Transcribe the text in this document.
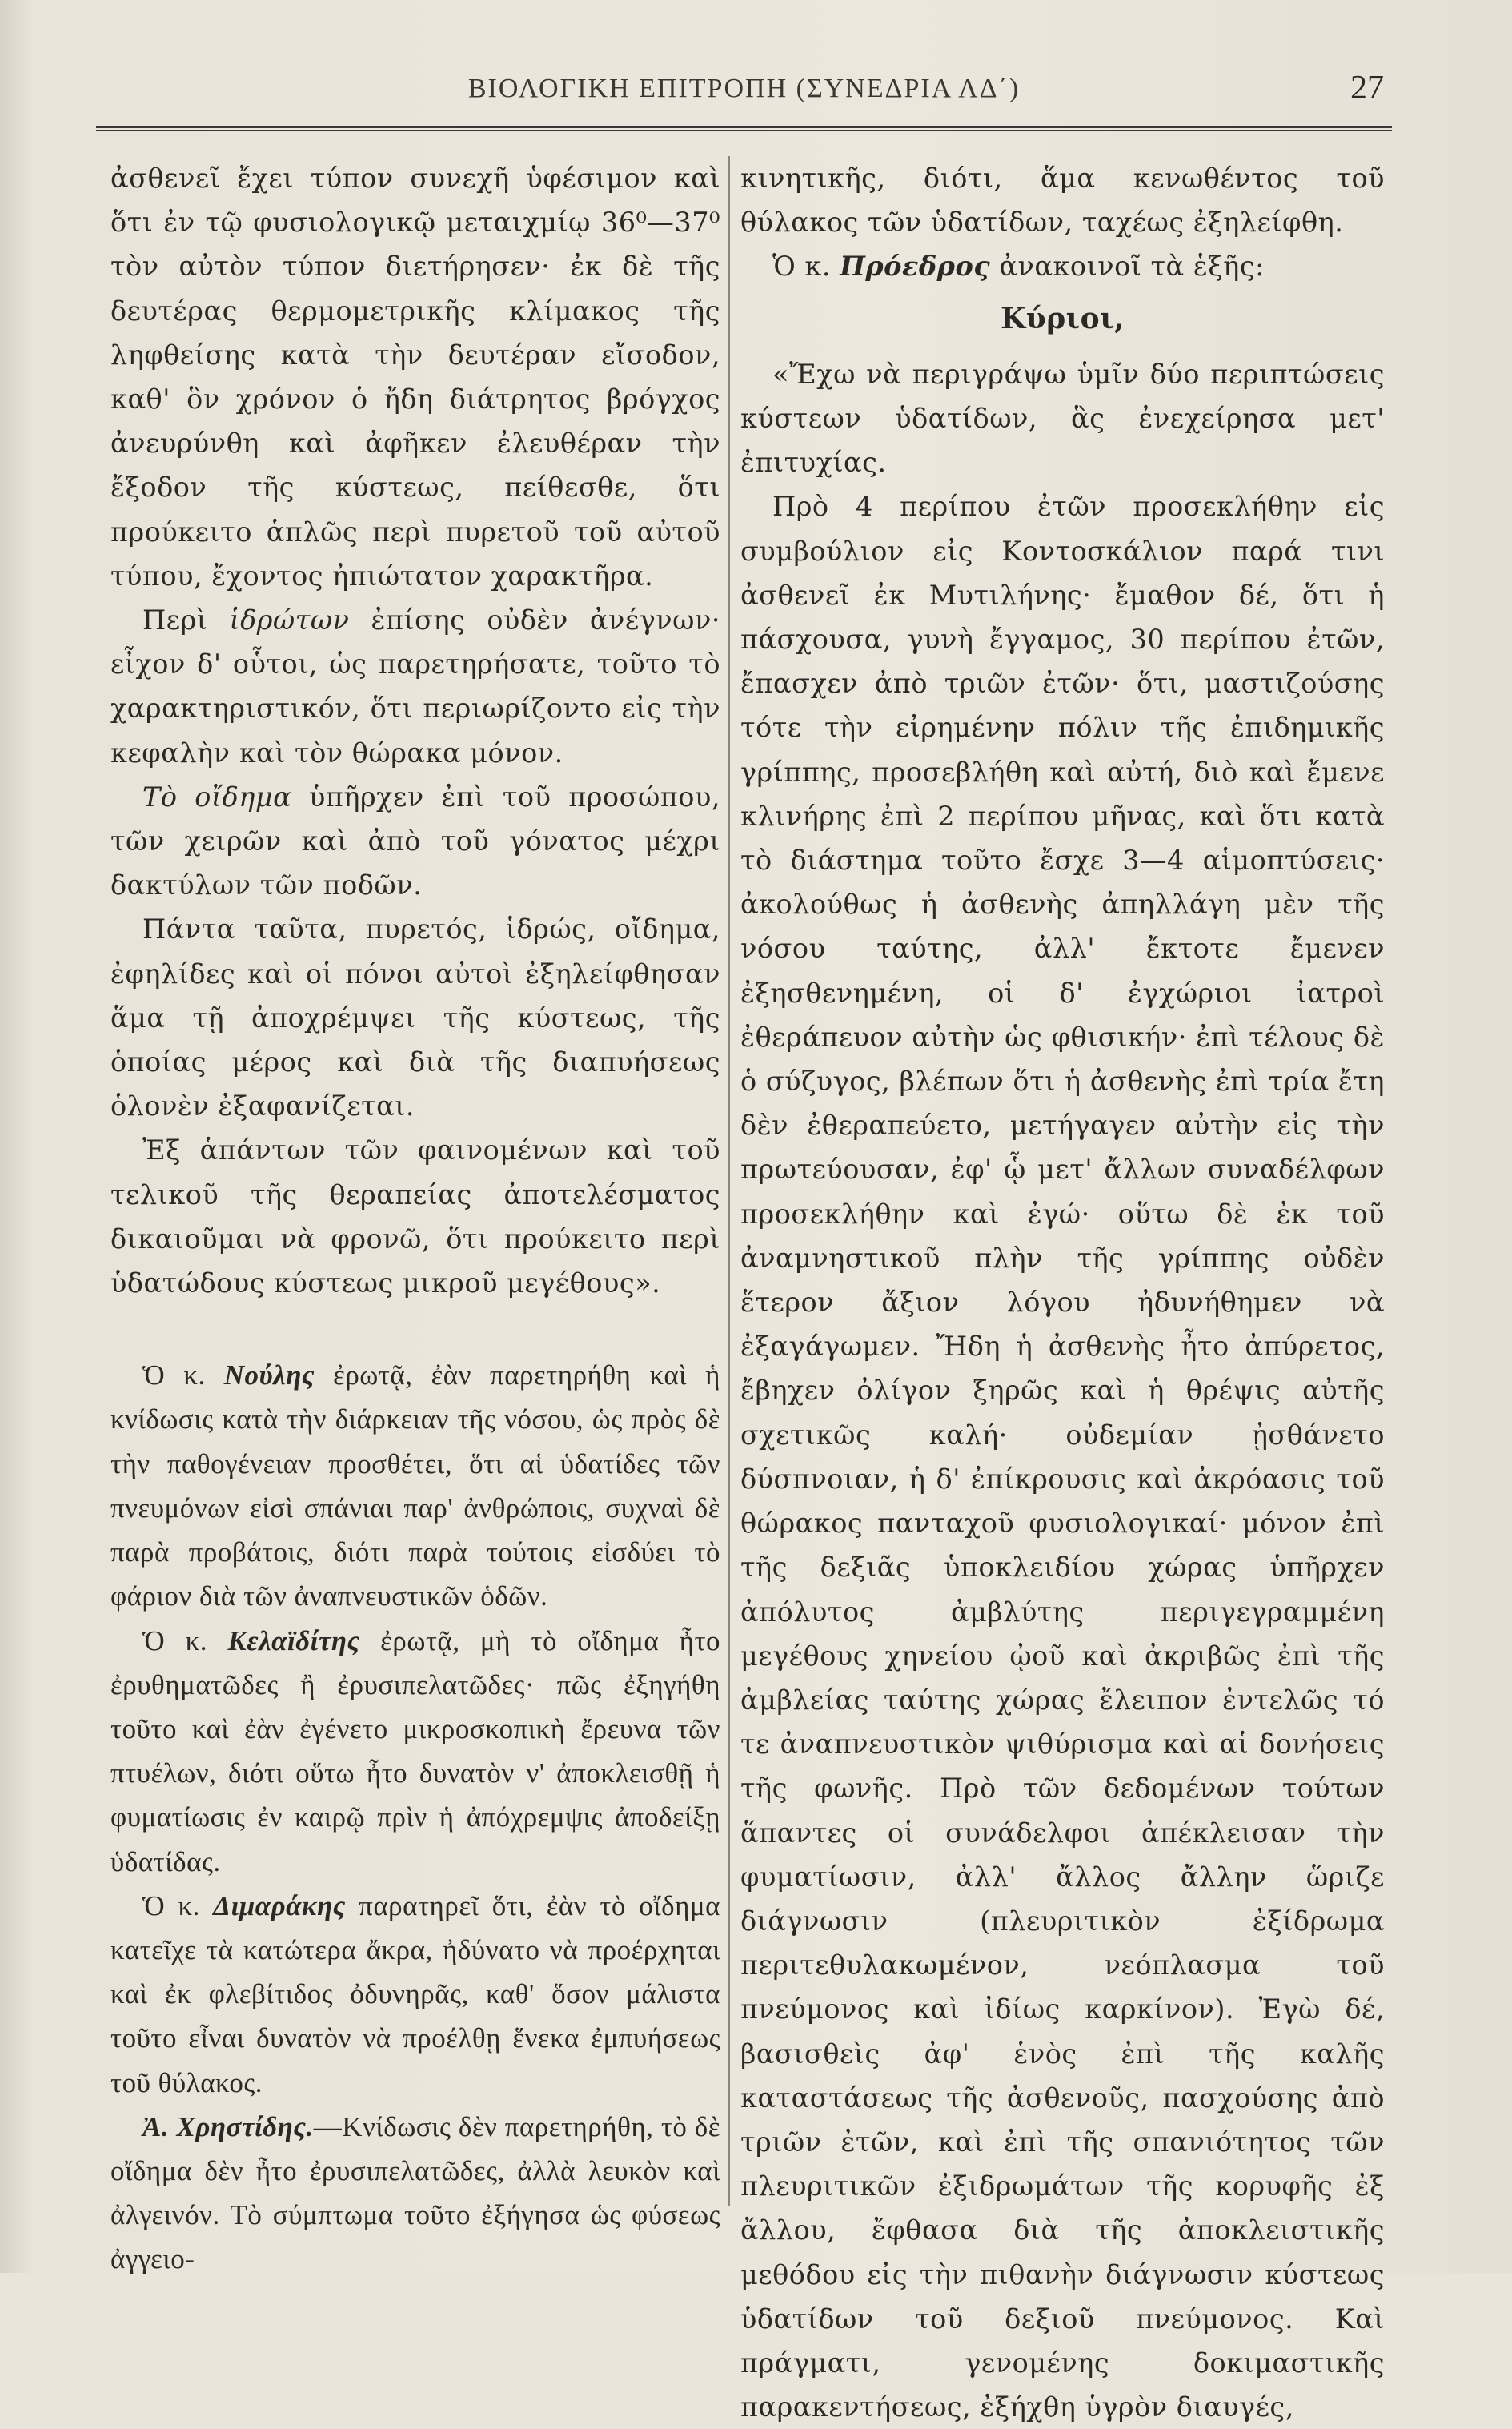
ΒΙΟΛΟΓΙΚΗ ΕΠΙΤΡΟΠΗ (ΣΥΝΕΔΡΙΑ ΛΔ΄)	27

ἀσθενεῖ ἔχει τύπον συνεχῆ ὑφέσιμον καὶ ὅτι ἐν τῷ φυσιολογικῷ μεταιχμίῳ 36⁰—37⁰ τὸν αὐτὸν τύπον διετήρησεν· ἐκ δὲ τῆς δευτέρας θερμομετρικῆς κλίμακος τῆς ληφθείσης κατὰ τὴν δευτέραν εἴσοδον, καθ' ὃν χρόνον ὁ ἤδη διάτρητος βρόγχος ἀνευρύνθη καὶ ἀφῆκεν ἐλευθέραν τὴν ἔξοδον τῆς κύστεως, πείθεσθε, ὅτι προύκειτο ἁπλῶς περὶ πυρετοῦ τοῦ αὐτοῦ τύπου, ἔχοντος ἠπιώτατον χαρακτῆρα.

Περὶ ἱδρώτων ἐπίσης οὐδὲν ἀνέγνων· εἶχον δ' οὗτοι, ὡς παρετηρήσατε, τοῦτο τὸ χαρακτηριστικόν, ὅτι περιωρίζοντο εἰς τὴν κεφαλὴν καὶ τὸν θώρακα μόνον.

Τὸ οἴδημα ὑπῆρχεν ἐπὶ τοῦ προσώπου, τῶν χειρῶν καὶ ἀπὸ τοῦ γόνατος μέχρι δακτύλων τῶν ποδῶν.

Πάντα ταῦτα, πυρετός, ἱδρώς, οἴδημα, ἐφηλίδες καὶ οἱ πόνοι αὐτοὶ ἐξηλείφθησαν ἅμα τῇ ἀποχρέμψει τῆς κύστεως, τῆς ὁποίας μέρος καὶ διὰ τῆς διαπυήσεως ὁλονὲν ἐξαφανίζεται.

Ἐξ ἁπάντων τῶν φαινομένων καὶ τοῦ τελικοῦ τῆς θεραπείας ἀποτελέσματος δικαιοῦμαι νὰ φρονῶ, ὅτι προύκειτο περὶ ὑδατώδους κύστεως μικροῦ μεγέθους».

Ὁ κ. Νούλης ἐρωτᾷ, ἐὰν παρετηρήθη καὶ ἡ κνίδωσις κατὰ τὴν διάρκειαν τῆς νόσου, ὡς πρὸς δὲ τὴν παθογένειαν προσθέτει, ὅτι αἱ ὑδατίδες τῶν πνευμόνων εἰσὶ σπάνιαι παρ' ἀνθρώποις, συχναὶ δὲ παρὰ προβάτοις, διότι παρὰ τούτοις εἰσδύει τὸ φάριον διὰ τῶν ἀναπνευστικῶν ὁδῶν.

Ὁ κ. Κελαϊδίτης ἐρωτᾷ, μὴ τὸ οἴδημα ἦτο ἐρυθηματῶδες ἢ ἐρυσιπελατῶδες· πῶς ἐξηγήθη τοῦτο καὶ ἐὰν ἐγένετο μικροσκοπικὴ ἔρευνα τῶν πτυέλων, διότι οὕτω ἦτο δυνατὸν ν' ἀποκλεισθῇ ἡ φυματίωσις ἐν καιρῷ πρὶν ἡ ἀπόχρεμψις ἀποδείξῃ ὑδατίδας.

Ὁ κ. Διμαράκης παρατηρεῖ ὅτι, ἐὰν τὸ οἴδημα κατεῖχε τὰ κατώτερα ἄκρα, ἠδύνατο νὰ προέρχηται καὶ ἐκ φλεβίτιδος ὀδυνηρᾶς, καθ' ὅσον μάλιστα τοῦτο εἶναι δυνατὸν νὰ προέλθῃ ἕνεκα ἐμπυήσεως τοῦ θύλακος.

Ἀ. Χρηστίδης.—Κνίδωσις δὲν παρετηρήθη, τὸ δὲ οἴδημα δὲν ἦτο ἐρυσιπελατῶδες, ἀλλὰ λευκὸν καὶ ἀλγεινόν. Τὸ σύμπτωμα τοῦτο ἐξήγησα ὡς φύσεως ἀγγειο-

κινητικῆς, διότι, ἅμα κενωθέντος τοῦ θύλακος τῶν ὑδατίδων, ταχέως ἐξηλείφθη.

Ὁ κ. Πρόεδρος ἀνακοινοῖ τὰ ἑξῆς:

Κύριοι,

«Ἔχω νὰ περιγράψω ὑμῖν δύο περιπτώσεις κύστεων ὑδατίδων, ἃς ἐνεχείρησα μετ' ἐπιτυχίας.

Πρὸ 4 περίπου ἐτῶν προσεκλήθην εἰς συμβούλιον εἰς Κοντοσκάλιον παρά τινι ἀσθενεῖ ἐκ Μυτιλήνης· ἔμαθον δέ, ὅτι ἡ πάσχουσα, γυνὴ ἔγγαμος, 30 περίπου ἐτῶν, ἔπασχεν ἀπὸ τριῶν ἐτῶν· ὅτι, μαστιζούσης τότε τὴν εἰρημένην πόλιν τῆς ἐπιδημικῆς γρίππης, προσεβλήθη καὶ αὐτή, διὸ καὶ ἔμενε κλινήρης ἐπὶ 2 περίπου μῆνας, καὶ ὅτι κατὰ τὸ διάστημα τοῦτο ἔσχε 3—4 αἱμοπτύσεις· ἀκολούθως ἡ ἀσθενὴς ἀπηλλάγη μὲν τῆς νόσου ταύτης, ἀλλ' ἔκτοτε ἔμενεν ἐξησθενημένη, οἱ δ' ἐγχώριοι ἰατροὶ ἐθεράπευον αὐτὴν ὡς φθισικήν· ἐπὶ τέλους δὲ ὁ σύζυγος, βλέπων ὅτι ἡ ἀσθενὴς ἐπὶ τρία ἔτη δὲν ἐθεραπεύετο, μετήγαγεν αὐτὴν εἰς τὴν πρωτεύουσαν, ἐφ' ᾧ μετ' ἄλλων συναδέλφων προσεκλήθην καὶ ἐγώ· οὕτω δὲ ἐκ τοῦ ἀναμνηστικοῦ πλὴν τῆς γρίππης οὐδὲν ἕτερον ἄξιον λόγου ἠδυνήθημεν νὰ ἐξαγάγωμεν. Ἤδη ἡ ἀσθενὴς ἦτο ἀπύρετος, ἔβηχεν ὀλίγον ξηρῶς καὶ ἡ θρέψις αὐτῆς σχετικῶς καλή· οὐδεμίαν ᾐσθάνετο δύσπνοιαν, ἡ δ' ἐπίκρουσις καὶ ἀκρόασις τοῦ θώρακος πανταχοῦ φυσιολογικαί· μόνον ἐπὶ τῆς δεξιᾶς ὑποκλειδίου χώρας ὑπῆρχεν ἀπόλυτος ἀμβλύτης περιγεγραμμένη μεγέθους χηνείου ᾠοῦ καὶ ἀκριβῶς ἐπὶ τῆς ἀμβλείας ταύτης χώρας ἔλειπον ἐντελῶς τό τε ἀναπνευστικὸν ψιθύρισμα καὶ αἱ δονήσεις τῆς φωνῆς. Πρὸ τῶν δεδομένων τούτων ἅπαντες οἱ συνάδελφοι ἀπέκλεισαν τὴν φυματίωσιν, ἀλλ' ἄλλος ἄλλην ὥριζε διάγνωσιν (πλευριτικὸν ἐξίδρωμα περιτεθυλακωμένον, νεόπλασμα τοῦ πνεύμονος καὶ ἰδίως καρκίνον). Ἐγὼ δέ, βασισθεὶς ἀφ' ἑνὸς ἐπὶ τῆς καλῆς καταστάσεως τῆς ἀσθενοῦς, πασχούσης ἀπὸ τριῶν ἐτῶν, καὶ ἐπὶ τῆς σπανιότητος τῶν πλευριτικῶν ἐξιδρωμάτων τῆς κορυφῆς ἐξ ἄλλου, ἔφθασα διὰ τῆς ἀποκλειστικῆς μεθόδου εἰς τὴν πιθανὴν διάγνωσιν κύστεως ὑδατίδων τοῦ δεξιοῦ πνεύμονος. Καὶ πράγματι, γενομένης δοκιμαστικῆς παρακεντήσεως, ἐξήχθη ὑγρὸν διαυγές,
